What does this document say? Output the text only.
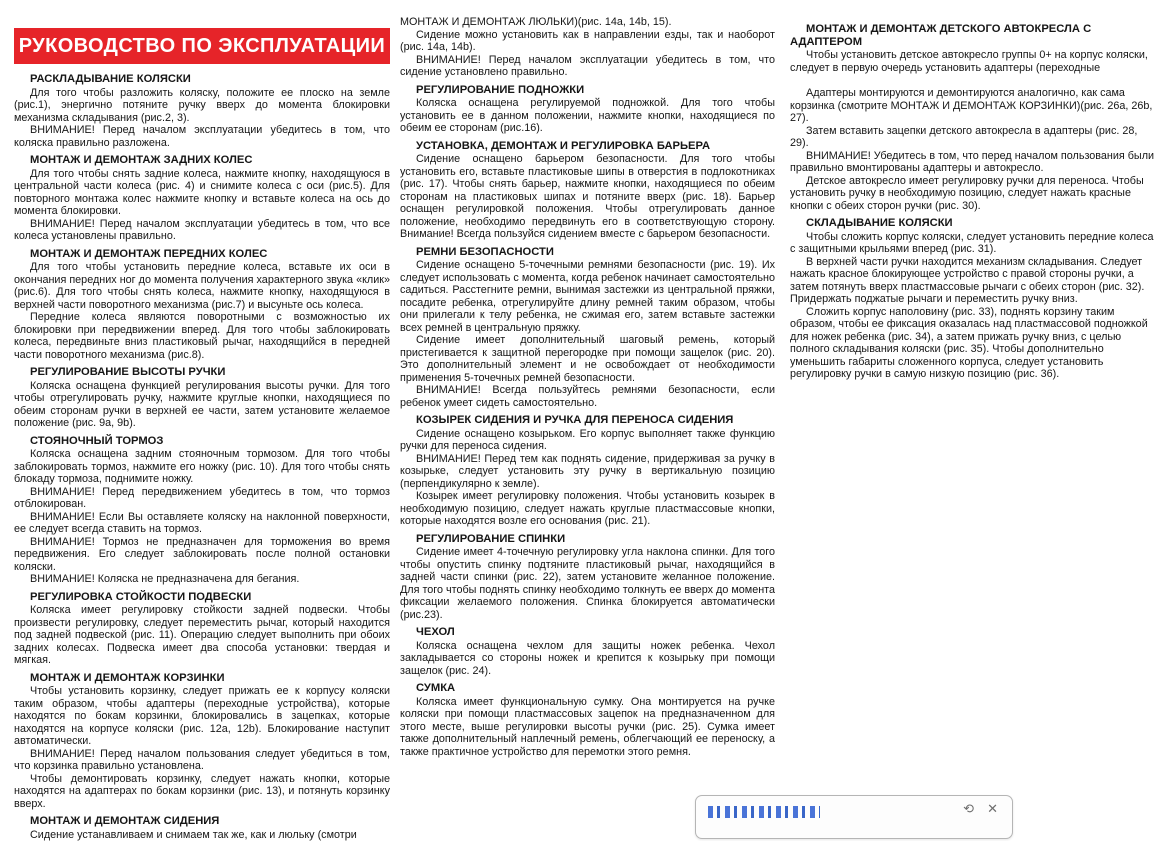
РУКОВОДСТВО ПО ЭКСПЛУАТАЦИИ
РАСКЛАДЫВАНИЕ КОЛЯСКИ

Для того чтобы разложить коляску, положите ее плоско на земле (рис.1), энергично потяните ручку вверх до момента блокировки механизма складывания (рис.2, 3).

ВНИМАНИЕ! Перед началом эксплуатации убедитесь в том, что коляска правильно разложена.

МОНТАЖ И ДЕМОНТАЖ ЗАДНИХ КОЛЕС

Для того чтобы снять задние колеса, нажмите кнопку, находящуюся в центральной части колеса (рис. 4) и снимите колеса с оси (рис.5). Для повторного монтажа колес нажмите кнопку и вставьте колеса на ось до момента блокировки.

ВНИМАНИЕ! Перед началом эксплуатации убедитесь в том, что все колеса установлены правильно.

МОНТАЖ И ДЕМОНТАЖ ПЕРЕДНИХ КОЛЕС

Для того чтобы установить передние колеса, вставьте их оси в окончания передних ног до момента получения характерного звука «клик» (рис.6). Для того чтобы снять колеса, нажмите кнопку, находящуюся в верхней части поворотного механизма (рис.7) и высуньте ось колеса.

Передние колеса являются поворотными с возможностью их блокировки при передвижении вперед. Для того чтобы заблокировать колеса, передвиньте вниз пластиковый рычаг, находящийся в передней части поворотного механизма (рис.8).

РЕГУЛИРОВАНИЕ ВЫСОТЫ РУЧКИ

Коляска оснащена функцией регулирования высоты ручки. Для того чтобы отрегулировать ручку, нажмите круглые кнопки, находящиеся по обеим сторонам ручки в верхней ее части, затем установите желаемое положение (рис. 9a, 9b).

СТОЯНОЧНЫЙ ТОРМОЗ

Коляска оснащена задним стояночным тормозом. Для того чтобы заблокировать тормоз, нажмите его ножку (рис. 10). Для того чтобы снять блокаду тормоза, поднимите ножку.

ВНИМАНИЕ! Перед передвижением убедитесь в том, что тормоз отблокирован.

ВНИМАНИЕ! Если Вы оставляете коляску на наклонной поверхности, ее следует всегда ставить на тормоз.

ВНИМАНИЕ! Тормоз не предназначен для торможения во время передвижения. Его следует заблокировать после полной остановки коляски.

ВНИМАНИЕ! Коляска не предназначена для бегания.

РЕГУЛИРОВКА СТОЙКОСТИ ПОДВЕСКИ

Коляска имеет регулировку стойкости задней подвески. Чтобы произвести регулировку, следует переместить рычаг, который находится под задней подвеской (рис. 11). Операцию следует выполнить при обоих задних колесах. Подвеска имеет два способа установки: твердая и мягкая.

МОНТАЖ И ДЕМОНТАЖ КОРЗИНКИ

Чтобы установить корзинку, следует прижать ее к корпусу коляски таким образом, чтобы адаптеры (переходные устройства), которые находятся по бокам корзинки, блокировались в зацепках, которые находятся на корпусе коляски (рис. 12a, 12b). Блокирование наступит автоматически.

ВНИМАНИЕ! Перед началом пользования следует убедиться в том, что корзинка правильно установлена.

Чтобы демонтировать корзинку, следует нажать кнопки, которые находятся на адаптерах по бокам корзинки (рис. 13), и потянуть корзинку вверх.

МОНТАЖ И ДЕМОНТАЖ СИДЕНИЯ

Сидение устанавливаем и снимаем так же, как и люльку (смотри

МОНТАЖ И ДЕМОНТАЖ ЛЮЛЬКИ)(рис. 14a, 14b, 15).

Сидение можно установить как в направлении езды, так и наоборот (рис. 14a, 14b).

ВНИМАНИЕ! Перед началом эксплуатации убедитесь в том, что сидение установлено правильно.

РЕГУЛИРОВАНИЕ ПОДНОЖКИ

Коляска оснащена регулируемой подножкой. Для того чтобы установить ее в данном положении, нажмите кнопки, находящиеся по обеим ее сторонам (рис.16).

УСТАНОВКА, ДЕМОНТАЖ И РЕГУЛИРОВКА БАРЬЕРА

Сидение оснащено барьером безопасности. Для того чтобы установить его, вставьте пластиковые шипы в отверстия в подлокотниках (рис. 17). Чтобы снять барьер, нажмите кнопки, находящиеся по обеим сторонам на пластиковых шипах и потяните вверх (рис. 18). Барьер оснащен регулировкой положения. Чтобы отрегулировать данное положение, необходимо передвинуть его в соответствующую сторону. Внимание! Всегда пользуйся сидением вместе с барьером безопасности.

РЕМНИ БЕЗОПАСНОСТИ

Сидение оснащено 5-точечными ремнями безопасности (рис. 19). Их следует использовать с момента, когда ребенок начинает самостоятельно садиться. Расстегните ремни, вынимая застежки из центральной пряжки, посадите ребенка, отрегулируйте длину ремней таким образом, чтобы они прилегали к телу ребенка, не сжимая его, затем вставьте застежки всех ремней в центральную пряжку.

Сидение имеет дополнительный шаговый ремень, который пристегивается к защитной перегородке при помощи защелок (рис. 20). Это дополнительный элемент и не освобождает от необходимости применения 5-точечных ремней безопасности.

ВНИМАНИЕ! Всегда пользуйтесь ремнями безопасности, если ребенок умеет сидеть самостоятельно.

КОЗЫРЕК СИДЕНИЯ И РУЧКА ДЛЯ ПЕРЕНОСА СИДЕНИЯ

Сидение оснащено козырьком. Его корпус выполняет также функцию ручки для переноса сидения.

ВНИМАНИЕ! Перед тем как поднять сидение, придерживая за ручку в козырьке, следует установить эту ручку в вертикальную позицию (перпендикулярно к земле).

Козырек имеет регулировку положения. Чтобы установить козырек в необходимую позицию, следует нажать круглые пластмассовые кнопки, которые находятся возле его основания (рис. 21).

РЕГУЛИРОВАНИЕ СПИНКИ

Сидение имеет 4-точечную регулировку угла наклона спинки. Для того чтобы опустить спинку подтяните пластиковый рычаг, находящийся в задней части спинки (рис. 22), затем установите желанное положение. Для того чтобы поднять спинку необходимо толкнуть ее вверх до момента фиксации желаемого положения. Спинка блокируется автоматически (рис.23).

ЧЕХОЛ

Коляска оснащена чехлом для защиты ножек ребенка. Чехол закладывается со стороны ножек и крепится к козырьку при помощи защелок (рис. 24).

СУМКА

Коляска имеет функциональную сумку. Она монтируется на ручке коляски при помощи пластмассовых зацепок на предназначенном для этого месте, выше регулировки высоты ручки (рис. 25). Сумка имеет также дополнительный наплечный ремень, облегчающий ее переноску, а также практичное устройство для перемотки этого ремня.

МОНТАЖ И ДЕМОНТАЖ ДЕТСКОГО АВТОКРЕСЛА С АДАПТЕРОМ

Чтобы установить детское автокресло группы 0+ на корпус коляски, следует в первую очередь установить адаптеры (переходные

Адаптеры монтируются и демонтируются аналогично, как сама корзинка (смотрите МОНТАЖ И ДЕМОНТАЖ КОРЗИНКИ)(рис. 26a, 26b, 27).

Затем вставить зацепки детского автокресла в адаптеры (рис. 28, 29).

ВНИМАНИЕ! Убедитесь в том, что перед началом пользования были правильно вмонтированы адаптеры и автокресло.

Детское автокресло имеет регулировку ручки для переноса. Чтобы установить ручку в необходимую позицию, следует нажать красные кнопки с обеих сторон ручки (рис. 30).

СКЛАДЫВАНИЕ КОЛЯСКИ

Чтобы сложить корпус коляски, следует установить передние колеса с защитными крыльями вперед (рис. 31).

В верхней части ручки находится механизм складывания. Следует нажать красное блокирующее устройство с правой стороны ручки, а затем потянуть вверх пластмассовые рычаги с обеих сторон (рис. 32). Придержать поджатые рычаги и переместить ручку вниз.

Сложить корпус наполовину (рис. 33), поднять корзину таким образом, чтобы ее фиксация оказалась над пластмассовой подножкой для ножек ребенка (рис. 34), а затем прижать ручку вниз, с целью полного складывания коляски (рис. 35). Чтобы дополнительно уменьшить габариты сложенного корпуса, следует установить регулировку ручки в самую низкую позицию (рис. 36).

⟲ ✕
